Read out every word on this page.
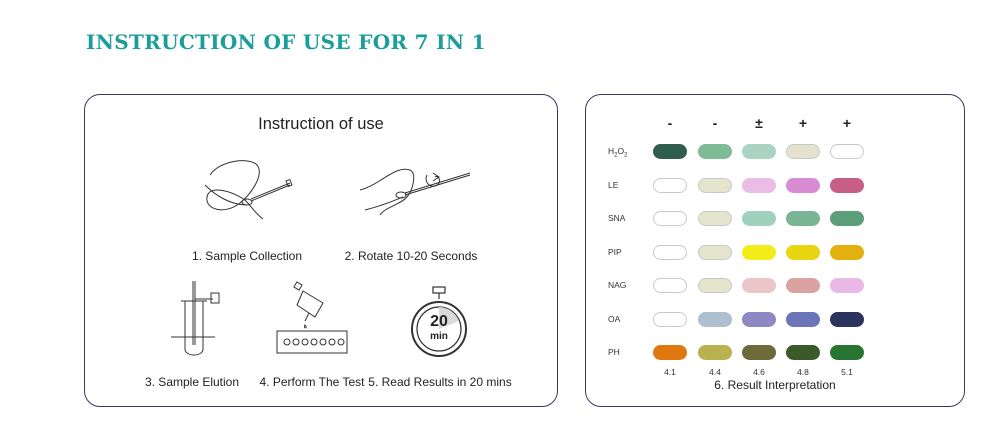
INSTRUCTION OF USE FOR 7 IN 1
Instruction of use
1. Sample Collection	2. Rotate 10-20 Seconds
20
min
3. Sample Elution 4. Perform The Test 5. Read Results in 20 mins
-	-	±	+	+
$H_2O_2$
LE
SNA
PIP
NAG
OA
PH
4.1	4.4	4.6	4.8	5.1
6. Result Interpretation
